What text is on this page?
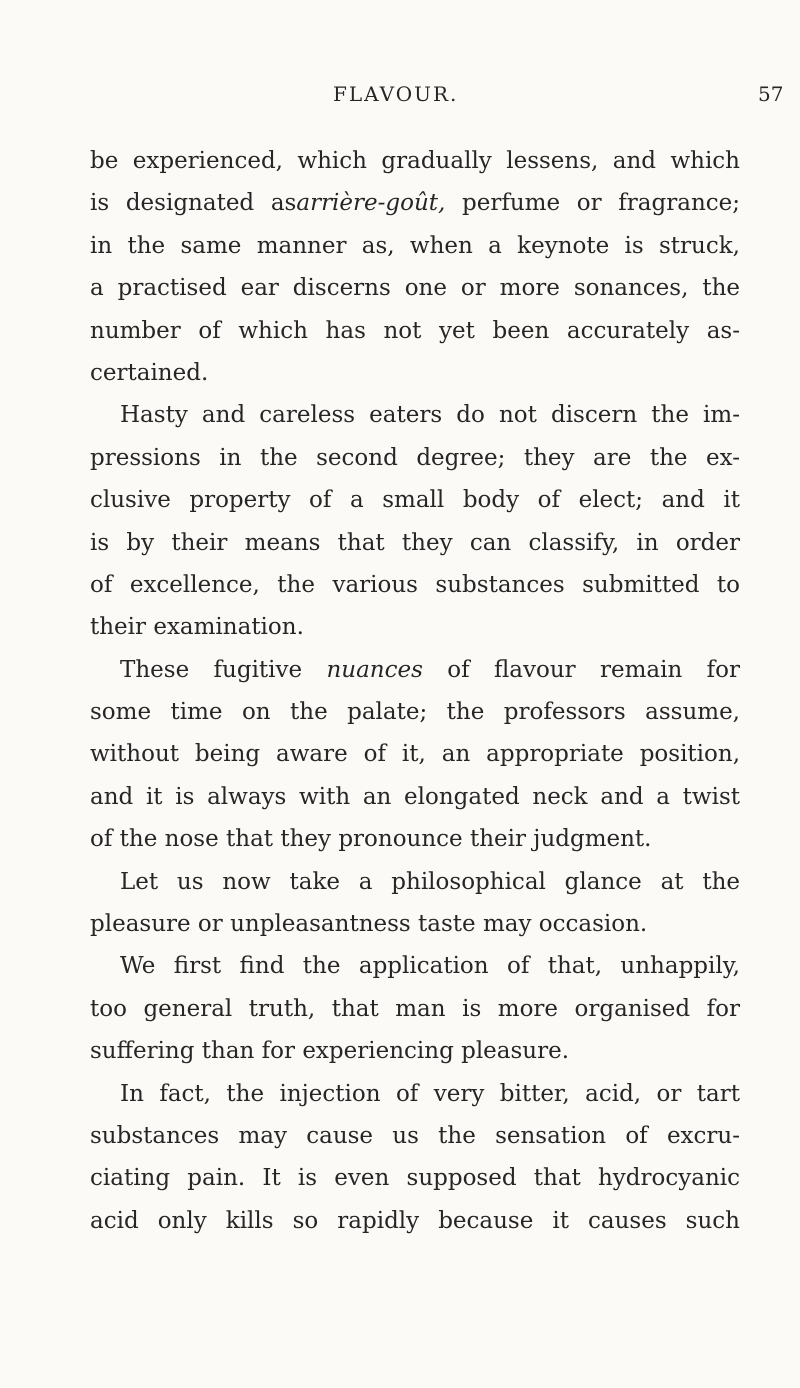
FLAVOUR.	57
be experienced, which gradually lessens, and which
is designated asarrière-goût, perfume or fragrance;
in the same manner as, when a keynote is struck,
a practised ear discerns one or more sonances, the
number of which has not yet been accurately as-
certained.
Hasty and careless eaters do not discern the im-
pressions in the second degree; they are the ex-
clusive property of a small body of elect; and it
is by their means that they can classify, in order
of excellence, the various substances submitted to
their examination.
These fugitive nuances of flavour remain for
some time on the palate; the professors assume,
without being aware of it, an appropriate position,
and it is always with an elongated neck and a twist
of the nose that they pronounce their judgment.
Let us now take a philosophical glance at the
pleasure or unpleasantness taste may occasion.
We first find the application of that, unhappily,
too general truth, that man is more organised for
suffering than for experiencing pleasure.
In fact, the injection of very bitter, acid, or tart
substances may cause us the sensation of excru-
ciating pain. It is even supposed that hydrocyanic
acid only kills so rapidly because it causes such
